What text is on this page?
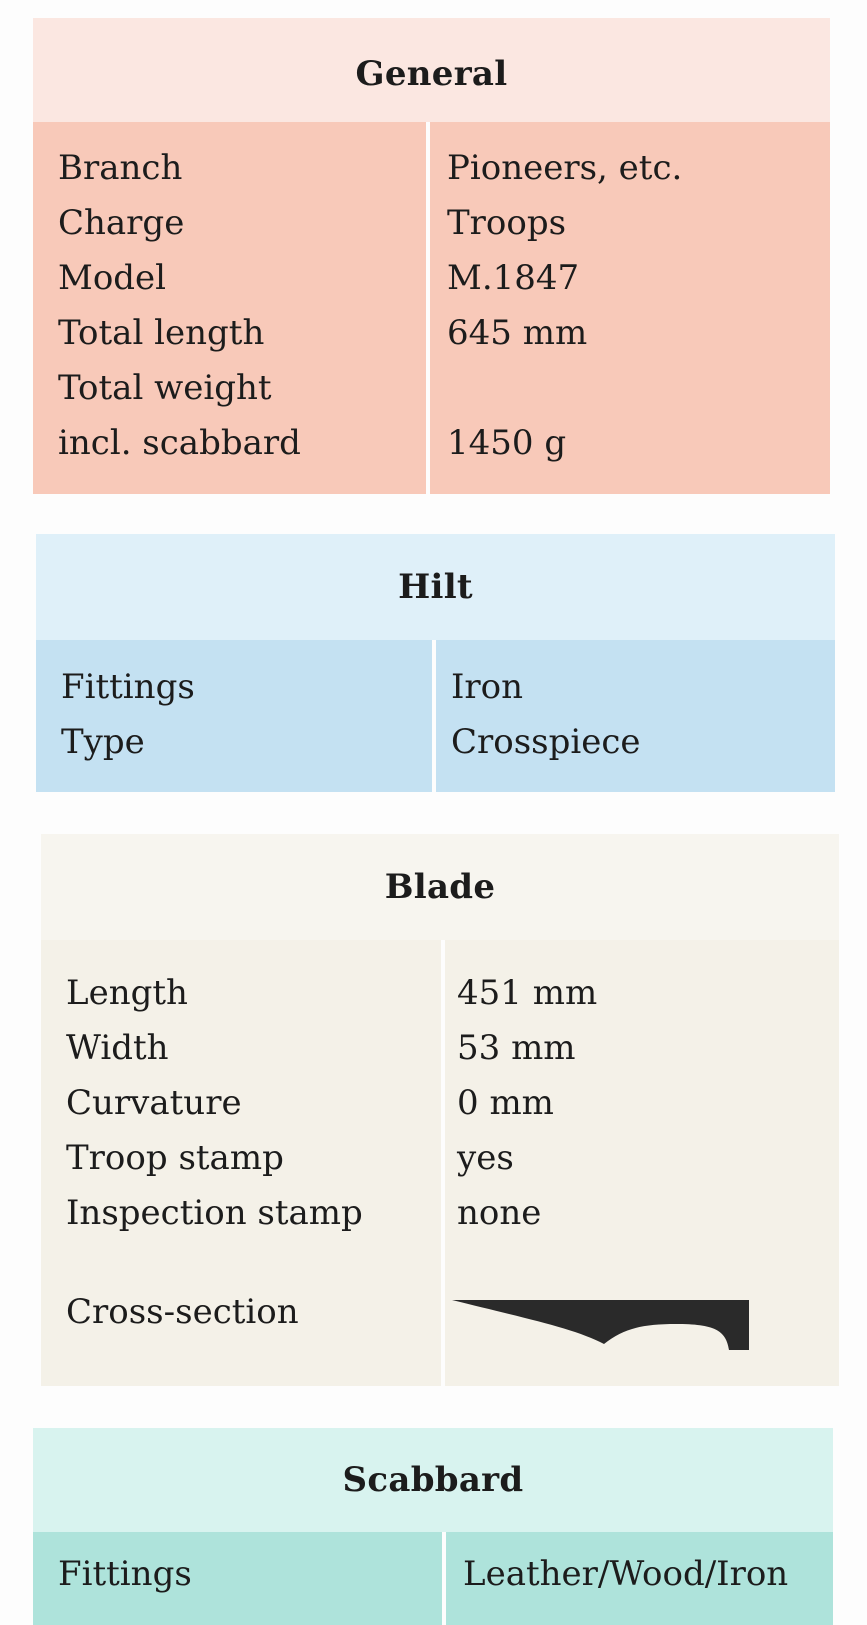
General
Branch	Pioneers, etc.
Charge	Troops
Model	M.1847
Total length	645 mm
Total weight
incl. scabbard	1450 g
Hilt
Fittings	Iron
Type	Crosspiece
Blade
Length	451 mm
Width	53 mm
Curvature	0 mm
Troop stamp	yes
Inspection stamp	none
Cross-section
Scabbard
Fittings	Leather/Wood/Iron
